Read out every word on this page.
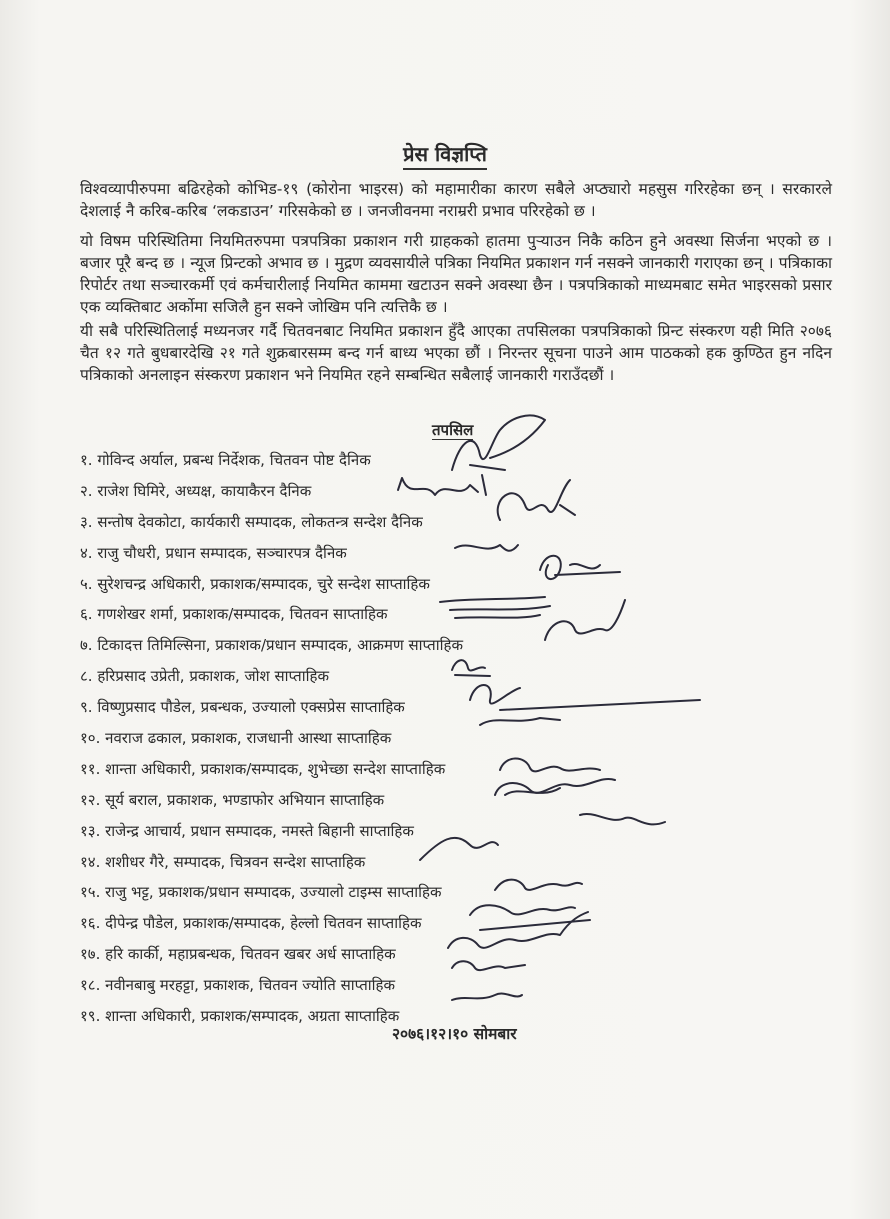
प्रेस विज्ञप्ति
विश्वव्यापीरुपमा बढिरहेको कोभिड-१९ (कोरोना भाइरस) को महामारीका कारण सबैले अप्ठ्यारो महसुस गरिरहेका छन् । सरकारले देशलाई नै करिब-करिब ‘लकडाउन’ गरिसकेको छ । जनजीवनमा नराम्ररी प्रभाव परिरहेको छ ।
यो विषम परिस्थितिमा नियमितरुपमा पत्रपत्रिका प्रकाशन गरी ग्राहकको हातमा पुर्‍याउन निकै कठिन हुने अवस्था सिर्जना भएको छ । बजार पूरै बन्द छ । न्यूज प्रिन्टको अभाव छ । मुद्रण व्यवसायीले पत्रिका नियमित प्रकाशन गर्न नसक्ने जानकारी गराएका छन् । पत्रिकाका रिपोर्टर तथा सञ्चारकर्मी एवं कर्मचारीलाई नियमित काममा खटाउन सक्ने अवस्था छैन । पत्रपत्रिकाको माध्यमबाट समेत भाइरसको प्रसार एक व्यक्तिबाट अर्कोमा सजिलै हुन सक्ने जोखिम पनि त्यत्तिकै छ ।
यी सबै परिस्थितिलाई मध्यनजर गर्दै चितवनबाट नियमित प्रकाशन हुँदै आएका तपसिलका पत्रपत्रिकाको प्रिन्ट संस्करण यही मिति २०७६ चैत १२ गते बुधबारदेखि २१ गते शुक्रबारसम्म बन्द गर्न बाध्य भएका छौं । निरन्तर सूचना पाउने आम पाठकको हक कुण्ठित हुन नदिन पत्रिकाको अनलाइन संस्करण प्रकाशन भने नियमित रहने सम्बन्धित सबैलाई जानकारी गराउँदछौं ।
तपसिल
१. गोविन्द अर्याल, प्रबन्ध निर्देशक, चितवन पोष्ट दैनिक
२. राजेश घिमिरे, अध्यक्ष, कायाकैरन दैनिक
३. सन्तोष देवकोटा, कार्यकारी सम्पादक, लोकतन्त्र सन्देश दैनिक
४. राजु चौधरी, प्रधान सम्पादक, सञ्चारपत्र दैनिक
५. सुरेशचन्द्र अधिकारी, प्रकाशक/सम्पादक, चुरे सन्देश साप्ताहिक
६. गणशेखर शर्मा, प्रकाशक/सम्पादक, चितवन साप्ताहिक
७. टिकादत्त तिमिल्सिना, प्रकाशक/प्रधान सम्पादक, आक्रमण साप्ताहिक
८. हरिप्रसाद उप्रेती, प्रकाशक, जोश साप्ताहिक
९. विष्णुप्रसाद पौडेल, प्रबन्धक, उज्यालो एक्सप्रेस साप्ताहिक
१०. नवराज ढकाल, प्रकाशक, राजधानी आस्था साप्ताहिक
११. शान्ता अधिकारी, प्रकाशक/सम्पादक, शुभेच्छा सन्देश साप्ताहिक
१२. सूर्य बराल, प्रकाशक, भण्डाफोर अभियान साप्ताहिक
१३. राजेन्द्र आचार्य, प्रधान सम्पादक, नमस्ते बिहानी साप्ताहिक
१४. शशीधर गैरे, सम्पादक, चित्रवन सन्देश साप्ताहिक
१५. राजु भट्ट, प्रकाशक/प्रधान सम्पादक, उज्यालो टाइम्स साप्ताहिक
१६. दीपेन्द्र पौडेल, प्रकाशक/सम्पादक, हेल्लो चितवन साप्ताहिक
१७. हरि कार्की, महाप्रबन्धक, चितवन खबर अर्ध साप्ताहिक
१८. नवीनबाबु मरहट्टा, प्रकाशक, चितवन ज्योति साप्ताहिक
१९. शान्ता अधिकारी, प्रकाशक/सम्पादक, अग्रता साप्ताहिक
२०७६।१२।१० सोमबार
